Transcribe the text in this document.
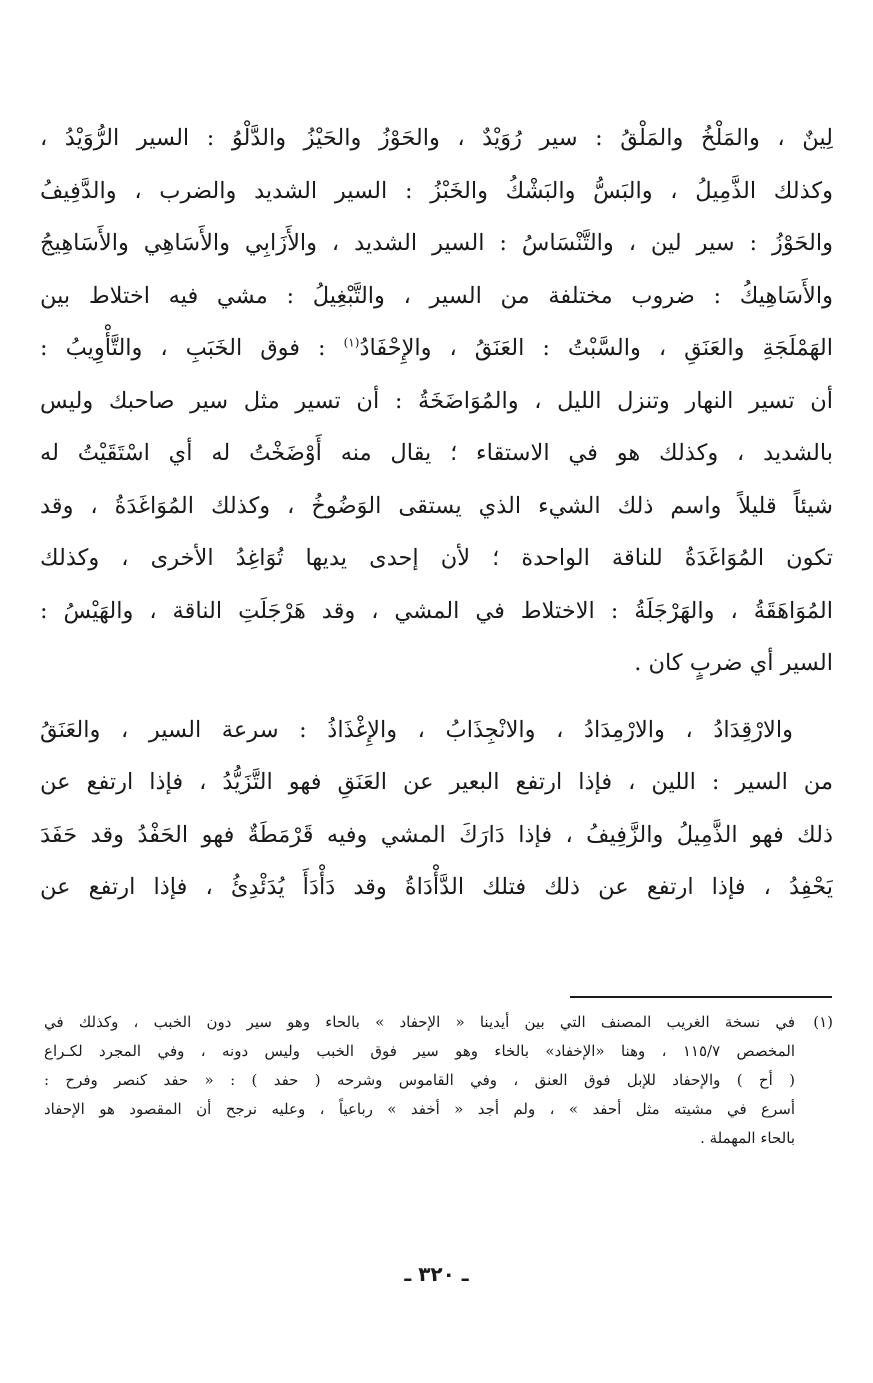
لِينٌ ، والمَلْخُ والمَلْقُ : سير رُوَيْدٌ ، والحَوْزُ والحَيْزُ والدَّلْوُ : السير الرُّوَيْدُ ،
وكذلك الذَّمِيلُ ، والبَسُّ والبَشْكُ والخَبْزُ : السير الشديد والضرب ، والدَّفِيفُ
والحَوْزُ : سير لين ، والتَّنْسَاسُ : السير الشديد ، والأَزَابِي والأَسَاهِي والأَسَاهِيجُ
والأَسَاهِيكُ : ضروب مختلفة من السير ، والتَّبْغِيلُ : مشي فيه اختلاط بين
الهَمْلَجَةِ والعَنَقِ ، والسَّبْتُ : العَنَقُ ، والإِحْفَادُ$^{(١)}$ : فوق الخَبَبِ ، والتَّأْوِيبُ :
أن تسير النهار وتنزل الليل ، والمُوَاضَخَةُ : أن تسير مثل سير صاحبك وليس
بالشديد ، وكذلك هو في الاستقاء ؛ يقال منه أَوْضَخْتُ له أي اسْتَقَيْتُ له
شيئاً قليلاً واسم ذلك الشيء الذي يستقى الوَضُوخُ ، وكذلك المُوَاغَدَةُ ، وقد
تكون المُوَاغَدَةُ للناقة الواحدة ؛ لأن إحدى يديها تُوَاغِدُ الأخرى ، وكذلك
المُوَاهَقَةُ ، والهَرْجَلَةُ : الاختلاط في المشي ، وقد هَرْجَلَتِ الناقة ، والهَيْسُ :
السير أي ضربٍ كان .
والارْقِدَادُ ، والارْمِدَادُ ، والانْجِذَابُ ، والإِغْذَاذُ : سرعة السير ، والعَنَقُ
من السير : اللين ، فإذا ارتفع البعير عن العَنَقِ فهو التَّزَيُّدُ ، فإذا ارتفع عن
ذلك فهو الذَّمِيلُ والزَّفِيفُ ، فإذا دَارَكَ المشي وفيه قَرْمَطَةٌ فهو الحَفْدُ وقد حَفَدَ
يَحْفِدُ ، فإذا ارتفع عن ذلك فتلك الدَّأْدَاةُ وقد دَأْدَأَ يُدَئْدِئُ ، فإذا ارتفع عن
(١)في نسخة الغريب المصنف التي بين أيدينا « الإحفاد » بالحاء وهو سير دون الخبب ، وكذلك في
المخصص ١١٥/٧ ، وهنا «الإخفاد» بالخاء وهو سير فوق الخبب وليس دونه ، وفي المجرد لكـراع
( أح ) والإحفاد للإبل فوق العنق ، وفي القاموس وشرحه ( حفد ) : « حفد كنصر وفرح :
أسرع في مشيته مثل أحفد » ، ولم أجد « أخفد » رباعياً ، وعليه نرجح أن المقصود هو الإحفاد
بالحاء المهملة .
ـ ٣٢٠ ـ
